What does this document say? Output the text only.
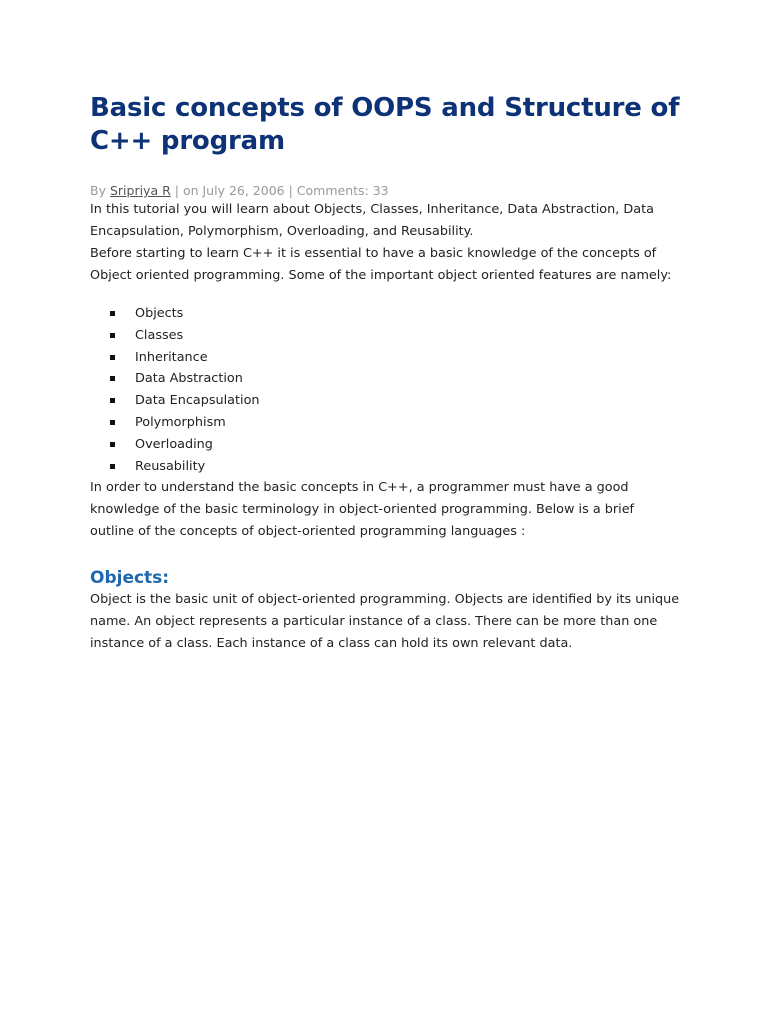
Basic concepts of OOPS and Structure of C++ program
By Sripriya R | on July 26, 2006 | Comments: 33

In this tutorial you will learn about Objects, Classes, Inheritance, Data Abstraction, Data Encapsulation, Polymorphism, Overloading, and Reusability.

Before starting to learn C++ it is essential to have a basic knowledge of the concepts of Object oriented programming. Some of the important object oriented features are namely:

Objects
Classes
Inheritance
Data Abstraction
Data Encapsulation
Polymorphism
Overloading
Reusability

In order to understand the basic concepts in C++, a programmer must have a good knowledge of the basic terminology in object-oriented programming. Below is a brief outline of the concepts of object-oriented programming languages :

Objects:

Object is the basic unit of object-oriented programming. Objects are identified by its unique name. An object represents a particular instance of a class. There can be more than one instance of a class. Each instance of a class can hold its own relevant data.
